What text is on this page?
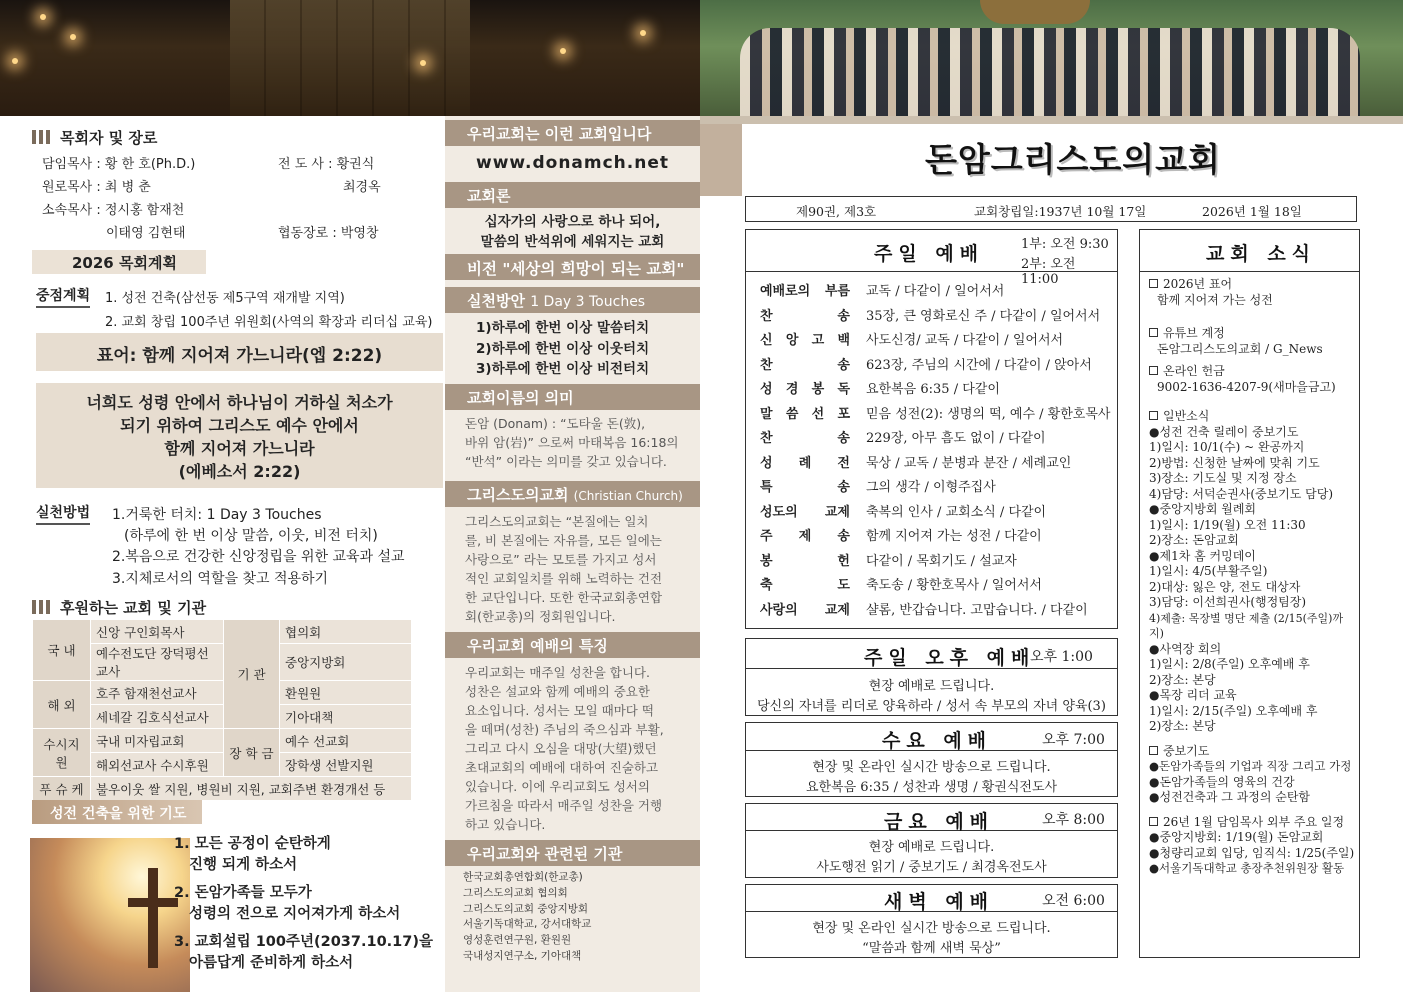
목회자 및 장로
담임목사 : 황 한 호(Ph.D.)
원로목사 : 최 병 춘
소속목사 : 정시홍 함재천
이태영 김현태
전 도 사 : 황권식
최경옥
협동장로 : 박영창
2026 목회계획
중점계획 1. 성전 건축(삼선동 제5구역 재개발 지역)
2. 교회 창립 100주년 위원회(사역의 확장과 리더십 교육)
표어: 함께 지어져 가느니라(엡 2:22)
너희도 성령 안에서 하나님이 거하실 처소가
되기 위하여 그리스도 예수 안에서
함께 지어져 가느니라
(에베소서 2:22)
실천방법 1.거룩한 터치: 1 Day 3 Touches
(하루에 한 번 이상 말씀, 이웃, 비전 터치)
2.복음으로 건강한 신앙정립을 위한 교육과 설교
3.지체로서의 역할을 찾고 적용하기
후원하는 교회 및 기관
국 내	신앙 구인회목사	기 관	협의회
	예수전도단 장덕평선교사		중앙지방회
해 외	호주 함재천선교사		환원원
	세네갈 김호식선교사		기아대책
수시지원	국내 미자립교회	장 학 금	예수 선교회
	해외선교사 수시후원		장학생 선발지원
푸 슈 케	불우이웃 쌀 지원, 병원비 지원, 교회주변 환경개선 등		
성전 건축을 위한 기도
1. 모든 공정이 순탄하게
진행 되게 하소서
2. 돈암가족들 모두가
성령의 전으로 지어져가게 하소서
3. 교회설립 100주년(2037.10.17)을
아름답게 준비하게 하소서
우리교회는 이런 교회입니다
www.donamch.net
교회론
십자가의 사랑으로 하나 되어,
말씀의 반석위에 세워지는 교회
비전 "세상의 희망이 되는 교회"
실천방안 1 Day 3 Touches
1)하루에 한번 이상 말씀터치
2)하루에 한번 이상 이웃터치
3)하루에 한번 이상 비전터치
교회이름의 의미
돈암 (Donam) : “도타울 돈(敦),
바위 암(岩)” 으로써 마태복음 16:18의
“반석” 이라는 의미를 갖고 있습니다.
그리스도의교회 (Christian Church)
그리스도의교회는 “본질에는 일치
를, 비 본질에는 자유를, 모든 일에는
사랑으로” 라는 모토를 가지고 성서
적인 교회일치를 위해 노력하는 건전
한 교단입니다. 또한 한국교회총연합
회(한교총)의 정회원입니다.
우리교회 예배의 특징
우리교회는 매주일 성찬을 합니다.
성찬은 설교와 함께 예배의 중요한
요소입니다. 성서는 모일 때마다 떡
을 떼며(성찬) 주님의 죽으심과 부활,
그리고 다시 오심을 대망(大望)했던
초대교회의 예배에 대하여 진술하고
있습니다. 이에 우리교회도 성서의
가르침을 따라서 매주일 성찬을 거행
하고 있습니다.
우리교회와 관련된 기관
한국교회총연합회(한교총)
그리스도의교회 협의회
그리스도의교회 중앙지방회
서울기독대학교, 강서대학교
영성훈련연구원, 환원원
국내성지연구소, 기아대책
돈암그리스도의교회
제90권, 제3호	교회창립일:1937년 10월 17일	2026년 1월 18일
주일 예배	1부: 오전 9:30
2부: 오전 11:00
예배로의 부름 교독 / 다같이 / 일어서서
찬 송 35장, 큰 영화로신 주 / 다같이 / 일어서서
신 앙 고 백 사도신경/ 교독 / 다같이 / 일어서서
찬 송 623장, 주님의 시간에 / 다같이 / 앉아서
성 경 봉 독 요한복음 6:35 / 다같이
말 씀 선 포 믿음 성전(2): 생명의 떡, 예수 / 황한호목사
찬 송 229장, 아무 흠도 없이 / 다같이
성 례 전 묵상 / 교독 / 분병과 분잔 / 세례교인
특 송 그의 생각 / 이형주집사
성도의 교제 축복의 인사 / 교회소식 / 다같이
주 제 송 함께 지어져 가는 성전 / 다같이
봉 헌 다같이 / 목회기도 / 설교자
축 도 축도송 / 황한호목사 / 일어서서
사랑의 교제 샬롬, 반갑습니다. 고맙습니다. / 다같이
주일 오후 예배
오후 1:00
현장 예배로 드립니다.
당신의 자녀를 리더로 양육하라 / 성서 속 부모의 자녀 양육(3)
수요 예배	오후 7:00
현장 및 온라인 실시간 방송으로 드립니다.
요한복음 6:35 / 성찬과 생명 / 황권식전도사
금요 예배	오후 8:00
현장 예배로 드립니다.
사도행전 읽기 / 중보기도 / 최경옥전도사
새벽 예배	오전 6:00
현장 및 온라인 실시간 방송으로 드립니다.
“말씀과 함께 새벽 묵상”
교회 소식
2026년 표어
함께 지어져 가는 성전
유튜브 계정
돈암그리스도의교회 / G_News
온라인 헌금
9002-1636-4207-9(새마을금고)
일반소식
●성전 건축 릴레이 중보기도
1)일시: 10/1(수) ~ 완공까지
2)방법: 신청한 날짜에 맞춰 기도
3)장소: 기도실 및 지정 장소
4)담당: 서덕순권사(중보기도 담당)
●중앙지방회 월례회
1)일시: 1/19(월) 오전 11:30
2)장소: 돈암교회
●제1차 홈 커밍데이
1)일시: 4/5(부활주일)
2)대상: 잃은 양, 전도 대상자
3)담당: 이선희권사(행정팀장)
4)제출: 목장별 명단 제출 (2/15(주일)까지)
●사역장 회의
1)일시: 2/8(주일) 오후예배 후
2)장소: 본당
●목장 리더 교육
1)일시: 2/15(주일) 오후예배 후
2)장소: 본당
중보기도
●돈암가족들의 기업과 직장 그리고 가정
●돈암가족들의 영육의 건강
●성전건축과 그 과정의 순탄함
26년 1월 담임목사 외부 주요 일정
●중앙지방회: 1/19(월) 돈암교회
●청량리교회 입당, 임직식: 1/25(주일)
●서울기독대학교 총장추천위원장 활동
